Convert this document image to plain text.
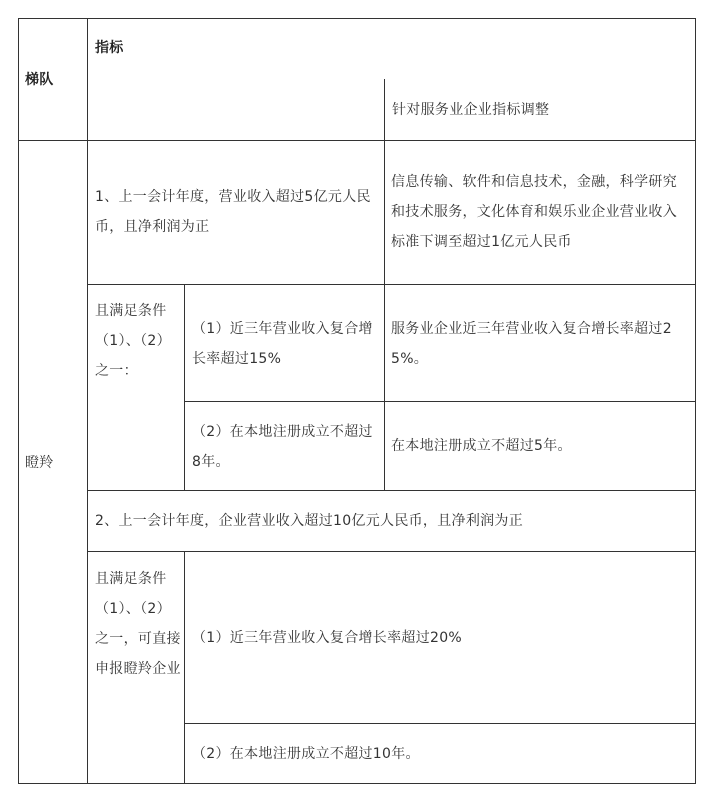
梯队
指标
针对服务业企业指标调整
瞪羚
1、上一会计年度，营业收入超过5亿元人民币，且净利润为正
信息传输、软件和信息技术，金融，科学研究和技术服务，文化体育和娱乐业企业营业收入标准下调至超过1亿元人民币
且满足条件（1）、（2）之一：
（1）近三年营业收入复合增长率超过15%
服务业企业近三年营业收入复合增长率超过25%。
（2）在本地注册成立不超过8年。
在本地注册成立不超过5年。
2、上一会计年度，企业营业收入超过10亿元人民币，且净利润为正
且满足条件（1）、（2）之一，可直接申报瞪羚企业
（1）近三年营业收入复合增长率超过20%
（2）在本地注册成立不超过10年。
